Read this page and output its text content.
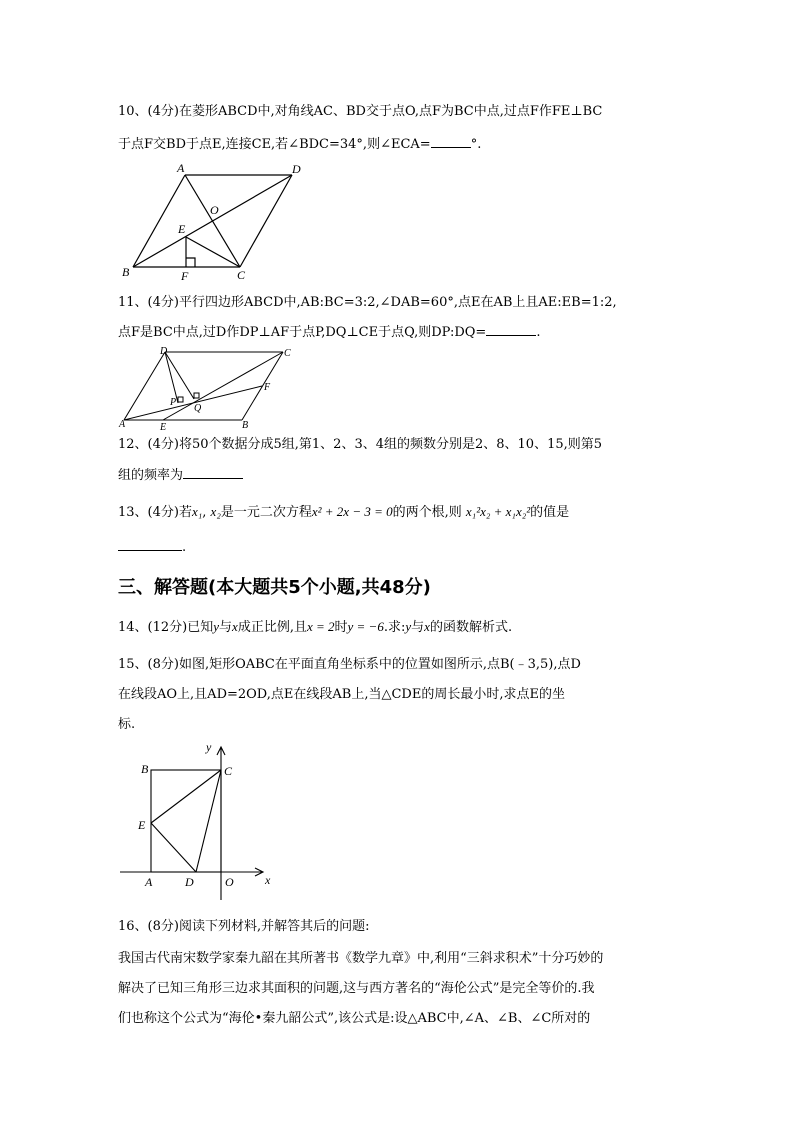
10、(4分)在菱形ABCD中,对角线AC、BD交于点O,点F为BC中点,过点F作FE⊥BC
于点F交BD于点E,连接CE,若∠BDC=34°,则∠ECA=	°.
A
B	C
D
E
F
O
11、(4分)平行四边形ABCD中,AB:BC=3:2,∠DAB=60°,点E在AB上且AE:EB=1:2,
点F是BC中点,过D作DP⊥AF于点P,DQ⊥CE于点Q,则DP:DQ=	.
A	B
C
D
E
F
P
Q
12、(4分)将50个数据分成5组,第1、2、3、4组的频数分别是2、8、10、15,则第5
组的频率为
13、(4分)若x₁, x₂是一元二次方程x² + 2x − 3 = 0的两个根,则 x₁²x₂ + x₁x₂²的值是
.
三、解答题(本大题共5个小题,共48分)
14、(12分)已知y与x成正比例,且x = 2时y = −6.求:y与x的函数解析式.
15、(8分)如图,矩形OABC在平面直角坐标系中的位置如图所示,点B(﹣3,5),点D
在线段AO上,且AD=2OD,点E在线段AB上,当△CDE的周长最小时,求点E的坐
标.
B	C
E
A	D	O	x
y
16、(8分)阅读下列材料,并解答其后的问题:
我国古代南宋数学家秦九韶在其所著书《数学九章》中,利用“三斜求积术”十分巧妙的
解决了已知三角形三边求其面积的问题,这与西方著名的“海伦公式”是完全等价的.我
们也称这个公式为“海伦•秦九韶公式”,该公式是:设△ABC中,∠A、∠B、∠C所对的
